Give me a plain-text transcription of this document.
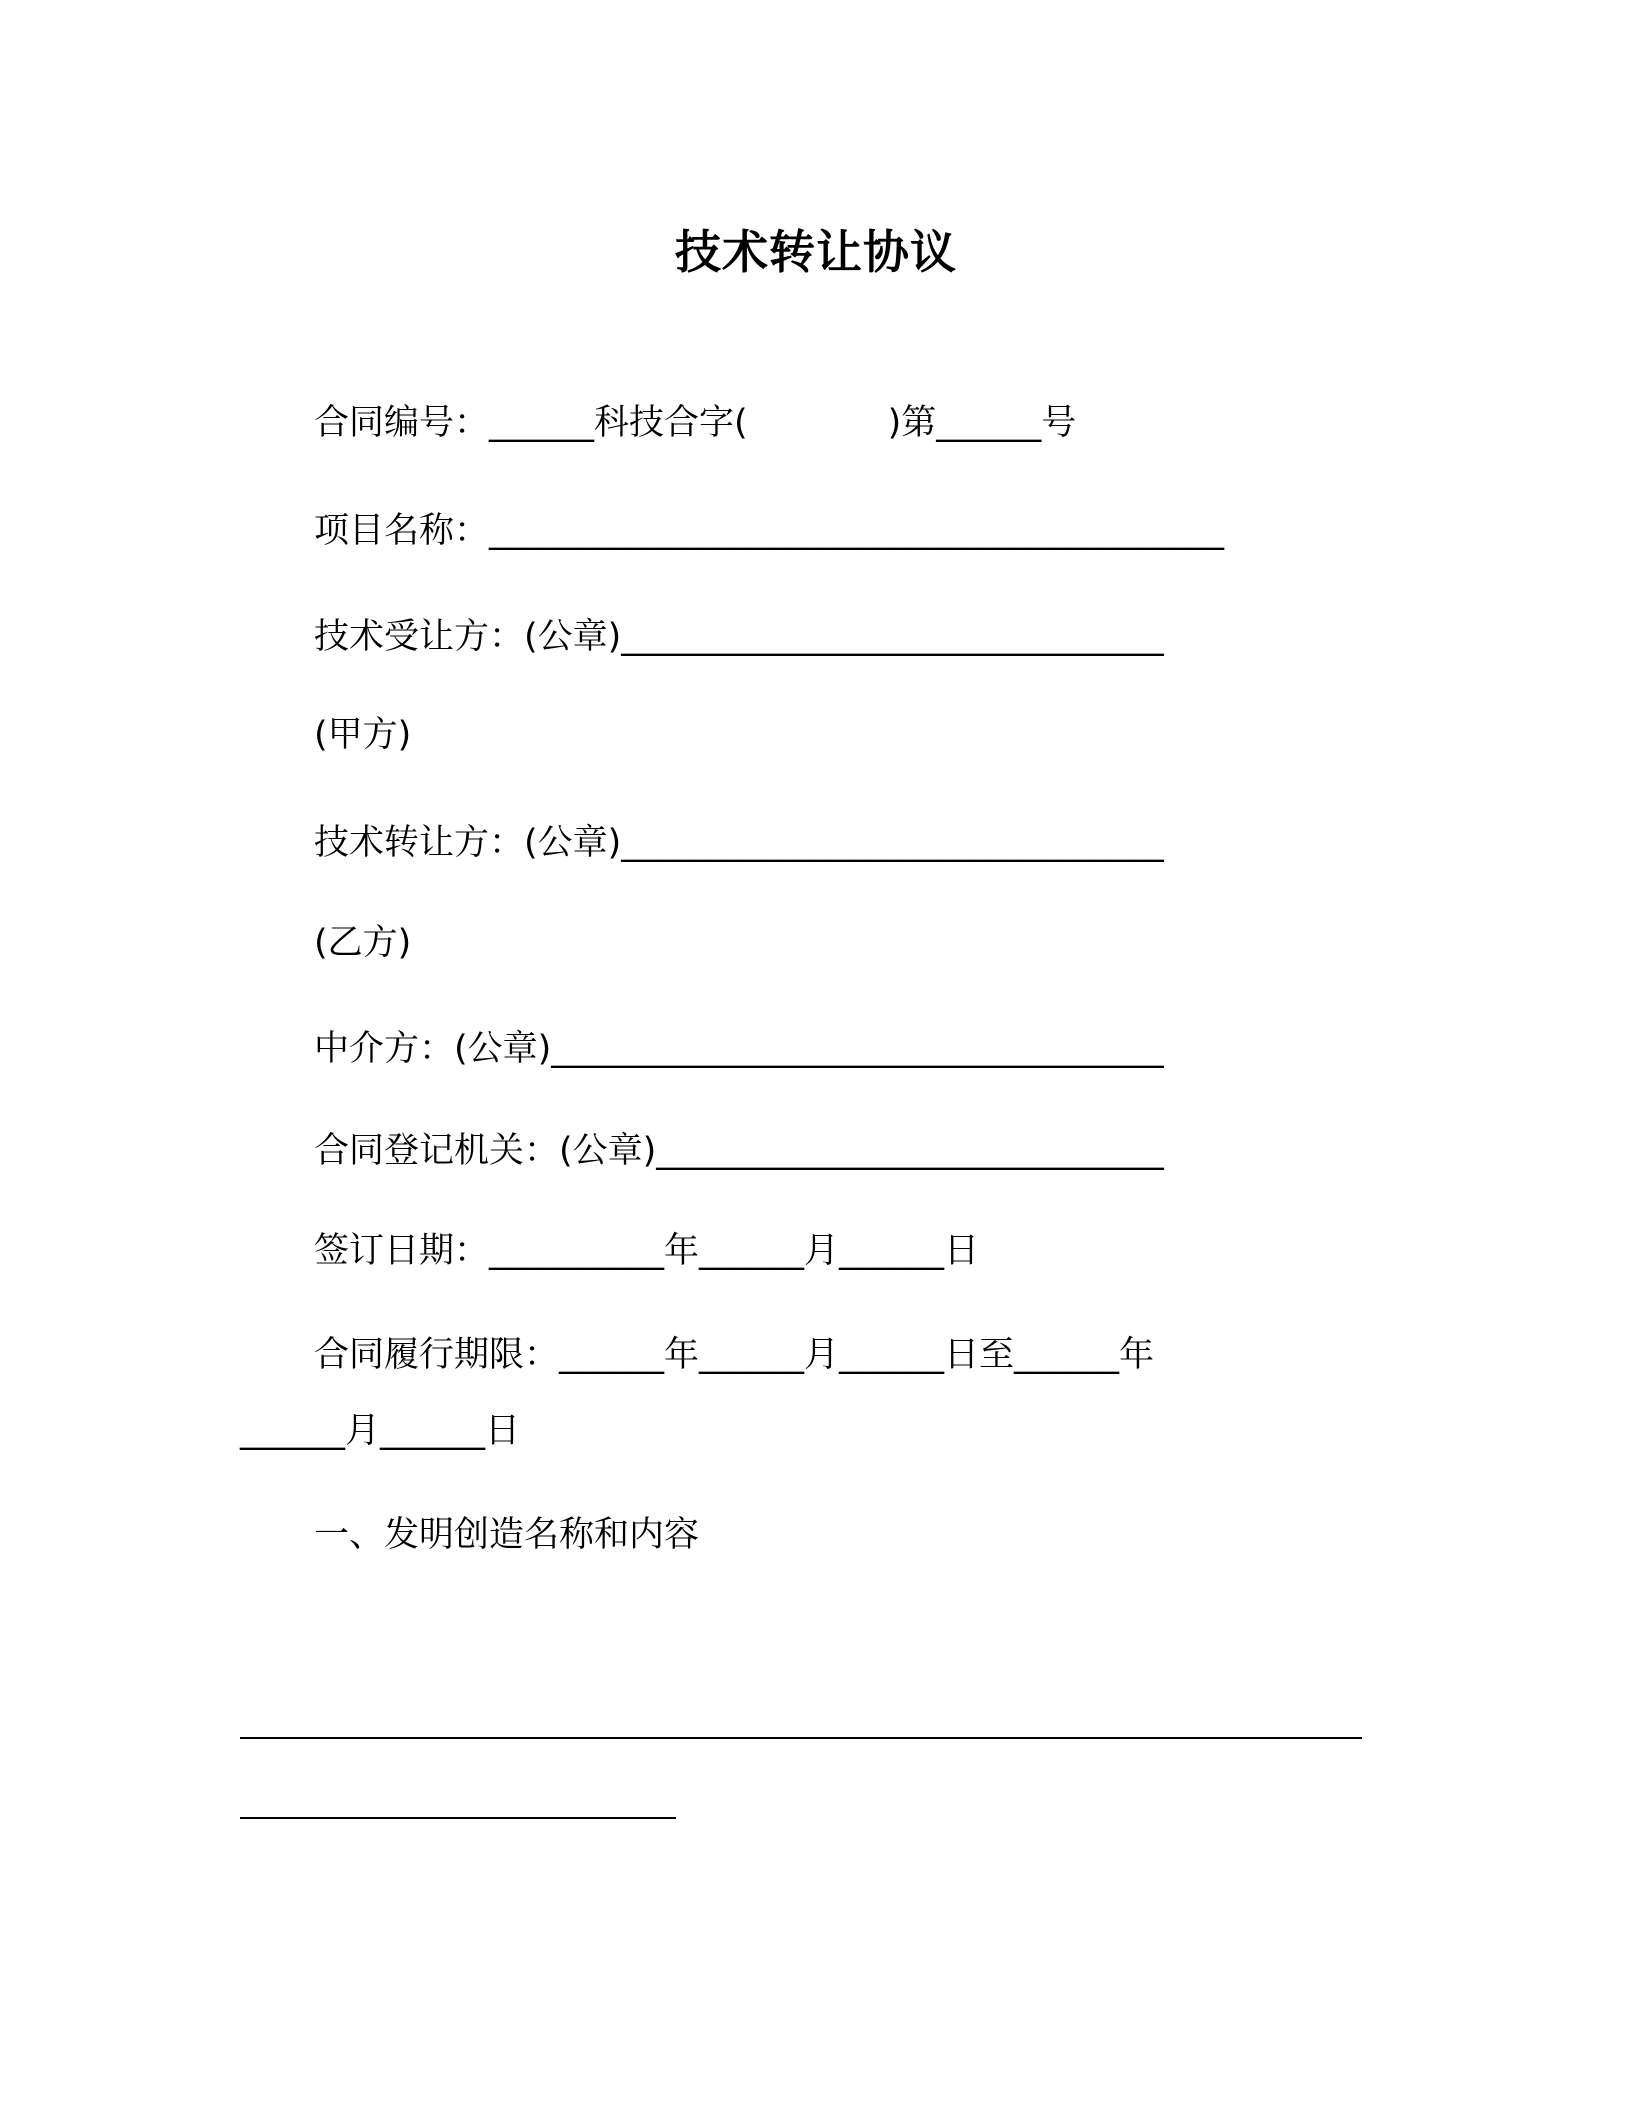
技术转让协议
合同编号：______科技合字(　　　　)第______号
项目名称：__________________________________________
技术受让方：(公章)_______________________________
(甲方)
技术转让方：(公章)_______________________________
(乙方)
中介方：(公章)___________________________________
合同登记机关：(公章)_____________________________
签订日期：__________年______月______日
合同履行期限：______年______月______日至______年
______月______日
一、发明创造名称和内容
